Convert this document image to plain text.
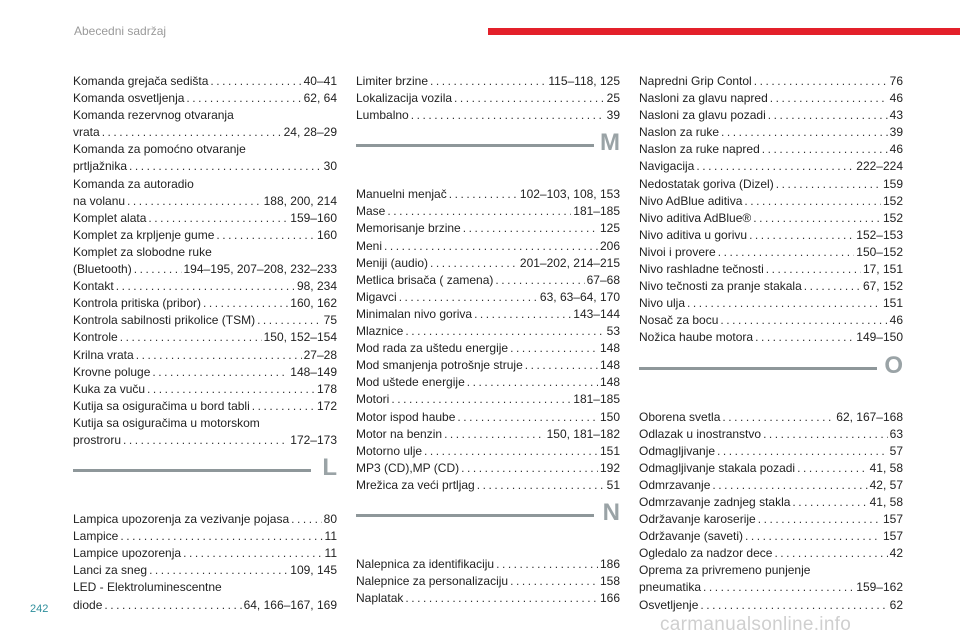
Abecedni sadržaj
Komanda grejača sedišta . . .	40–41
Komanda osvetljenja . . .	62, 64
Komanda rezervnog otvaranja
vrata . . .	24, 28–29
Komanda za pomoćno otvaranje
prtljažnika . . .	30
Komanda za autoradio
na volanu . . .	188, 200, 214
Komplet alata . . .	159–160
Komplet za krpljenje gume . . .	160
Komplet za slobodne ruke
(Bluetooth) . . .	194–195, 207–208, 232–233
Kontakt . . .	98, 234
Kontrola pritiska (pribor) . . .	160, 162
Kontrola sabilnosti prikolice (TSM) . . .	75
Kontrole . . .	150, 152–154
Krilna vrata . . .	27–28
Krovne poluge . . .	148–149
Kuka za vuču . . .	178
Kutija sa osiguračima u bord tabli . . .	172
Kutija sa osiguračima u motorskom
prostroru . . .	172–173
L
Lampica upozorenja za vezivanje pojasa . . .	80
Lampice . . .	11
Lampice upozorenja . . .	11
Lanci za sneg . . .	109, 145
LED - Elektroluminescentne
diode . . .	64, 166–167, 169
Limiter brzine . . .	115–118, 125
Lokalizacija vozila . . .	25
Lumbalno . . .	39
M
Manuelni menjač . . .	102–103, 108, 153
Mase . . .	181–185
Memorisanje brzine . . .	125
Meni . . .	206
Meniji (audio) . . .	201–202, 214–215
Metlica brisača ( zamena) . . .	67–68
Migavci . . .	63, 63–64, 170
Minimalan nivo goriva . . .	143–144
Mlaznice . . .	53
Mod rada za uštedu energije . . .	148
Mod smanjenja potrošnje struje . . .	148
Mod uštede energije . . .	148
Motori . . .	181–185
Motor ispod haube . . .	150
Motor na benzin . . .	150, 181–182
Motorno ulje . . .	151
MP3 (CD),MP (CD) . . .	192
Mrežica za veći prtljag . . .	51
N
Nalepnica za identifikaciju . . .	186
Nalepnice za personalizaciju . . .	158
Naplatak . . .	166
Napredni Grip Contol . . .	76
Nasloni za glavu napred . . .	46
Nasloni za glavu pozadi . . .	43
Naslon za ruke . . .	39
Naslon za ruke napred . . .	46
Navigacija . . .	222–224
Nedostatak goriva (Dizel) . . .	159
Nivo AdBlue aditiva . . .	152
Nivo aditiva AdBlue® . . .	152
Nivo aditiva u gorivu . . .	152–153
Nivoi i provere . . .	150–152
Nivo rashladne tečnosti . . .	17, 151
Nivo tečnosti za pranje stakala . . .	67, 152
Nivo ulja . . .	151
Nosač za bocu . . .	46
Nožica haube motora . . .	149–150
O
Oborena svetla . . .	62, 167–168
Odlazak u inostranstvo . . .	63
Odmagljivanje . . .	57
Odmagljivanje stakala pozadi . . .	41, 58
Odmrzavanje . . .	42, 57
Odmrzavanje zadnjeg stakla . . .	41, 58
Održavanje karoserije . . .	157
Održavanje (saveti) . . .	157
Ogledalo za nadzor dece . . .	42
Oprema za privremeno punjenje
pneumatika . . .	159–162
Osvetljenje . . .	62
242
carmanualsonline.info
